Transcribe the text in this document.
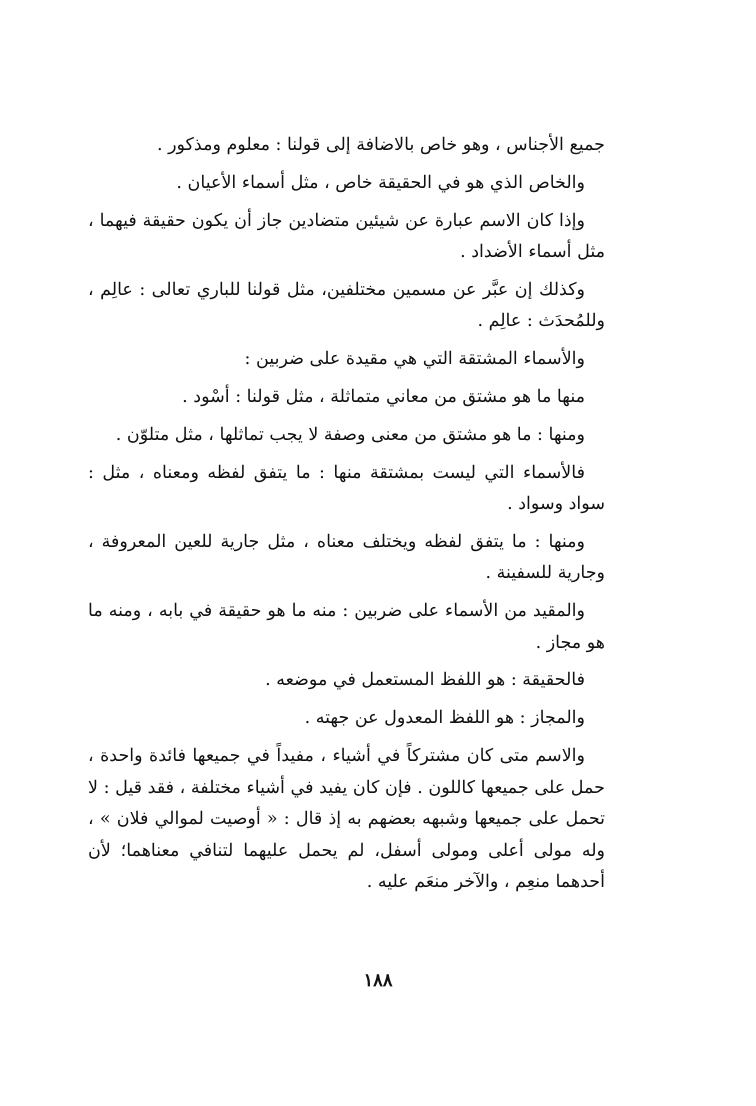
جميع الأجناس ، وهو خاص بالاضافة إلى قولنا : معلوم ومذكور .

والخاص الذي هو في الحقيقة خاص ، مثل أسماء الأعيان .

وإذا كان الاسم عبارة عن شيئين متضادين جاز أن يكون حقيقة فيهما ، مثل أسماء الأضداد .

وكذلك إن عبَّر عن مسمين مختلفين، مثل قولنا للباري تعالى : عالِم ، وللمُحدَث : عالِم .

والأسماء المشتقة التي هي مقيدة على ضربين :

منها ما هو مشتق من معاني متماثلة ، مثل قولنا : أسْود .

ومنها : ما هو مشتق من معنى وصفة لا يجب تماثلها ، مثل متلوّن .

فالأسماء التي ليست بمشتقة منها : ما يتفق لفظه ومعناه ، مثل : سواد وسواد .

ومنها : ما يتفق لفظه ويختلف معناه ، مثل جارية للعين المعروفة ، وجارية للسفينة .

والمقيد من الأسماء على ضربين : منه ما هو حقيقة في بابه ، ومنه ما هو مجاز .

فالحقيقة : هو اللفظ المستعمل في موضعه .

والمجاز : هو اللفظ المعدول عن جهته .

والاسم متى كان مشتركاً في أشياء ، مفيداً في جميعها فائدة واحدة ، حمل على جميعها كاللون . فإن كان يفيد في أشياء مختلفة ، فقد قيل : لا تحمل على جميعها وشبهه بعضهم به إذ قال : « أوصيت لموالي فلان » ، وله مولى أعلى ومولى أسفل، لم يحمل عليهما لتنافي معناهما؛ لأن أحدهما منعِم ، والآخر منعَم عليه .

١٨٨
